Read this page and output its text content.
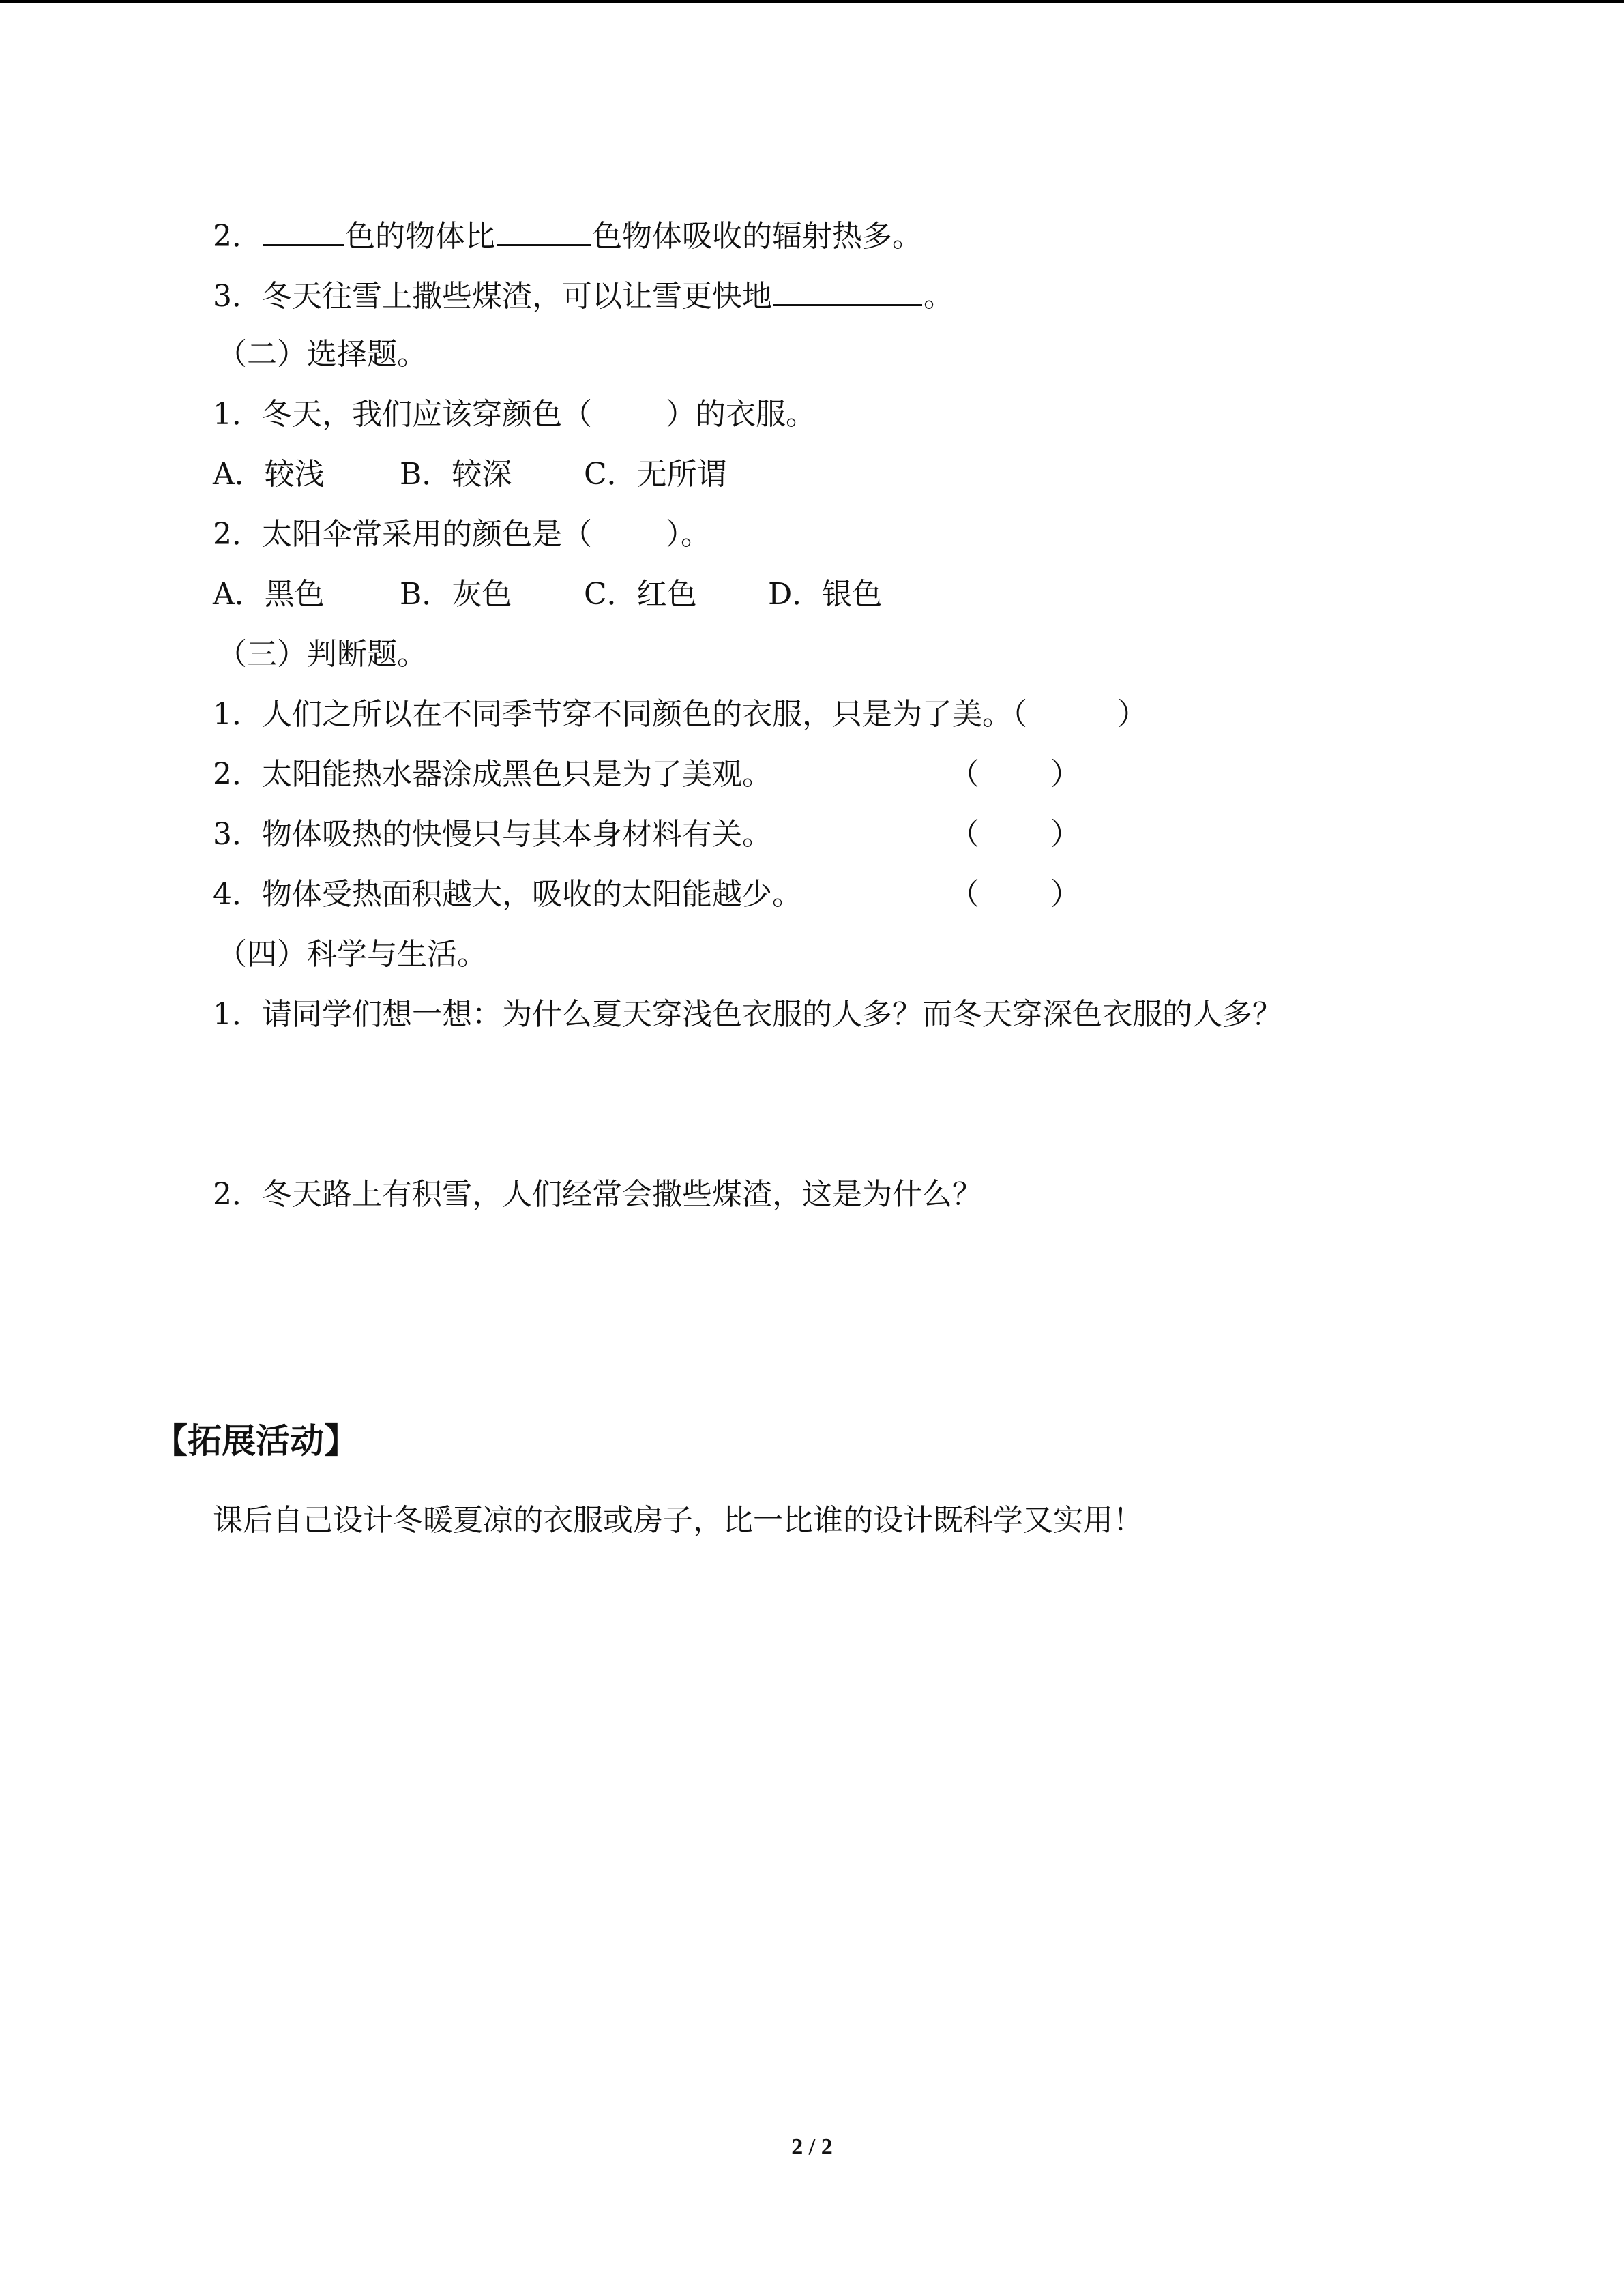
2．	色的物体比	色物体吸收的辐射热多。
3．冬天往雪上撒些煤渣，可以让雪更快地	。
（二）选择题。
1．冬天，我们应该穿颜色（ ）的衣服。
A．较浅	B．较深 C．无所谓
2．太阳伞常采用的颜色是（ ）。
A．黑色	B．灰色 C．红色 D．银色
（三）判断题。
1．人们之所以在不同季节穿不同颜色的衣服，只是为了美。（	）
2．太阳能热水器涂成黑色只是为了美观。	（ ）
3．物体吸热的快慢只与其本身材料有关。	（ ）
4．物体受热面积越大，吸收的太阳能越少。	（ ）
（四）科学与生活。
1．请同学们想一想：为什么夏天穿浅色衣服的人多？而冬天穿深色衣服的人多？
2．冬天路上有积雪，人们经常会撒些煤渣，这是为什么？
【拓展活动】
课后自己设计冬暖夏凉的衣服或房子，比一比谁的设计既科学又实用！
2 / 2
